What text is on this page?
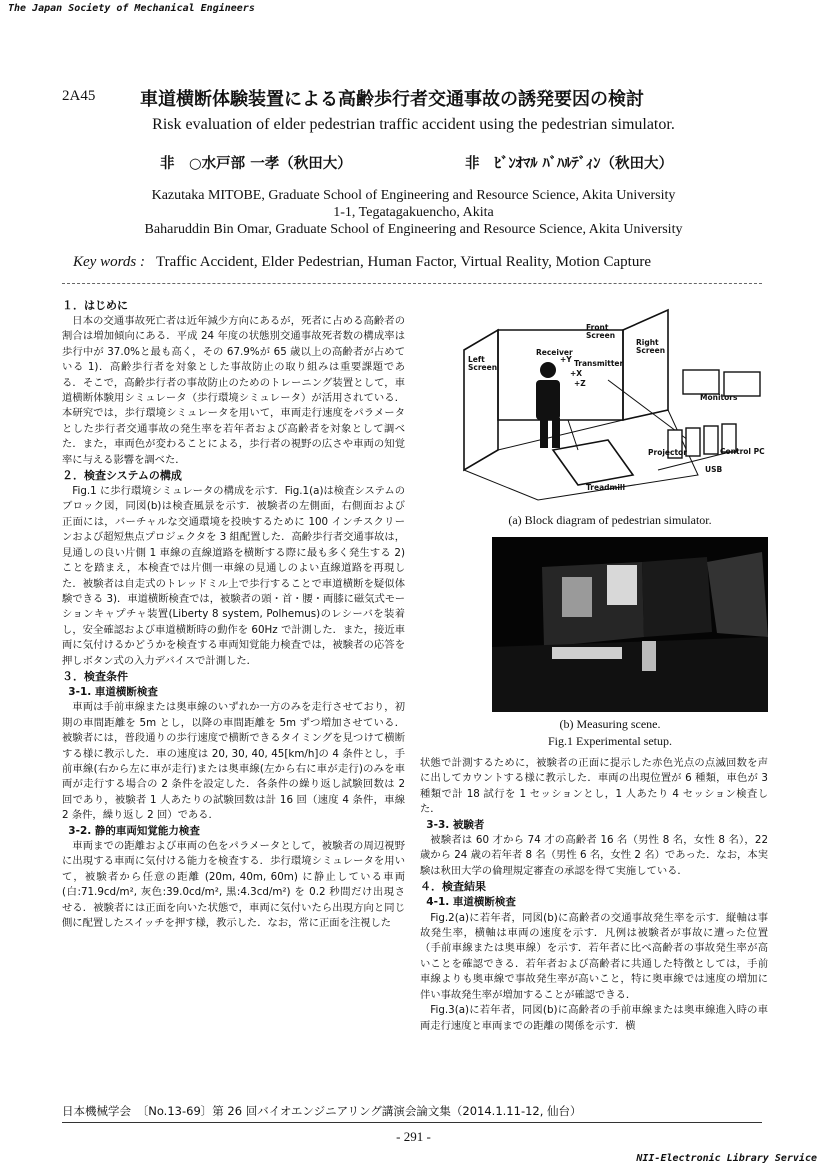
The Japan Society of Mechanical Engineers
NII-Electronic Library Service
2A45 車道横断体験装置による高齢歩行者交通事故の誘発要因の検討
Risk evaluation of elder pedestrian traffic accident using the pedestrian simulator.
非　○水戸部 一孝（秋田大）	非　ﾋﾞﾝｵﾏﾙ ﾊﾞﾊﾙﾃﾞｨﾝ（秋田大）
Kazutaka MITOBE, Graduate School of Engineering and Resource Science, Akita University
1-1, Tegatagakuencho, Akita
Baharuddin Bin Omar, Graduate School of Engineering and Resource Science, Akita University
Key words : Traffic Accident, Elder Pedestrian, Human Factor, Virtual Reality, Motion Capture
１．はじめに

日本の交通事故死亡者は近年減少方向にあるが，死者に占める高齢者の割合は増加傾向にある．平成 24 年度の状態別交通事故死者数の構成率は歩行中が 37.0%と最も高く，その 67.9%が 65 歳以上の高齢者が占めている 1)．高齢歩行者を対象とした事故防止の取り組みは重要課題である．そこで，高齢歩行者の事故防止のためのトレーニング装置として，車道横断体験用シミュレータ（歩行環境シミュレータ）が活用されている．本研究では，歩行環境シミュレータを用いて，車両走行速度をパラメータとした歩行者交通事故の発生率を若年者および高齢者を対象として調べた．また，車両色が変わることによる，歩行者の視野の広さや車両の知覚率に与える影響を調べた．

２．検査システムの構成

Fig.1 に歩行環境シミュレータの構成を示す．Fig.1(a)は検査システムのブロック図，同図(b)は検査風景を示す．被験者の左側面，右側面および正面には，バーチャルな交通環境を投映するために 100 インチスクリーンおよび超短焦点プロジェクタを 3 組配置した．高齢歩行者交通事故は，見通しの良い片側 1 車線の直線道路を横断する際に最も多く発生する 2) ことを踏まえ，本検査では片側一車線の見通しのよい直線道路を再現した．被験者は自走式のトレッドミル上で歩行することで車道横断を疑似体験できる 3)．車道横断検査では，被験者の頭・首・腰・両膝に磁気式モーションキャプチャ装置(Liberty 8 system, Polhemus)のレシーバを装着し，安全確認および車道横断時の動作を 60Hz で計測した．また，接近車両に気付けるかどうかを検査する車両知覚能力検査では，被験者の応答を押しボタン式の入力デバイスで計測した．

３．検査条件
3-1. 車道横断検査

車両は手前車線または奥車線のいずれか一方のみを走行させており，初期の車間距離を 5m とし，以降の車間距離を 5m ずつ増加させている．被験者には，普段通りの歩行速度で横断できるタイミングを見つけて横断する様に教示した．車の速度は 20, 30, 40, 45[km/h]の 4 条件とし，手前車線(右から左に車が走行)または奥車線(左から右に車が走行)のみを車両が走行する場合の 2 条件を設定した．各条件の繰り返し試験回数は 2 回であり，被験者 1 人あたりの試験回数は計 16 回（速度 4 条件，車線 2 条件，繰り返し 2 回）である．

3-2. 静的車両知覚能力検査

車両までの距離および車両の色をパラメータとして，被験者の周辺視野に出現する車両に気付ける能力を検査する．歩行環境シミュレータを用いて，被験者から任意の距離 (20m, 40m, 60m) に静止している車両 (白:71.9cd/m², 灰色:39.0cd/m², 黒:4.3cd/m²) を 0.2 秒間だけ出現させる．被験者には正面を向いた状態で，車両に気付いたら出現方向と同じ側に配置したスイッチを押す様，教示した．なお，常に正面を注視した

Front Screen
Right Screen
Left Screen
Receiver
Transmitter
+Y
+X
+Z
Monitors
Projector	Control PC
USB
Treadmill
(a) Block diagram of pedestrian simulator.
(b) Measuring scene.
Fig.1 Experimental setup.

状態で計測するために，被験者の正面に提示した赤色光点の点滅回数を声に出してカウントする様に教示した．車両の出現位置が 6 種類，車色が 3 種類で計 18 試行を 1 セッションとし，1 人あたり 4 セッション検査した．

3-3. 被験者

被験者は 60 才から 74 才の高齢者 16 名（男性 8 名，女性 8 名），22 歳から 24 歳の若年者 8 名（男性 6 名，女性 2 名）であった．なお，本実験は秋田大学の倫理規定審査の承認を得て実施している．

４．検査結果
4-1. 車道横断検査

Fig.2(a)に若年者，同図(b)に高齢者の交通事故発生率を示す．縦軸は事故発生率，横軸は車両の速度を示す．凡例は被験者が事故に遭った位置（手前車線または奥車線）を示す．若年者に比べ高齢者の事故発生率が高いことを確認できる．若年者および高齢者に共通した特徴としては，手前車線よりも奥車線で事故発生率が高いこと，特に奥車線では速度の増加に伴い事故発生率が増加することが確認できる．

Fig.3(a)に若年者，同図(b)に高齢者の手前車線または奥車線進入時の車両走行速度と車両までの距離の関係を示す．横

日本機械学会　〔No.13-69〕第 26 回バイオエンジニアリング講演会論文集（2014.1.11-12, 仙台）
- 291 -
